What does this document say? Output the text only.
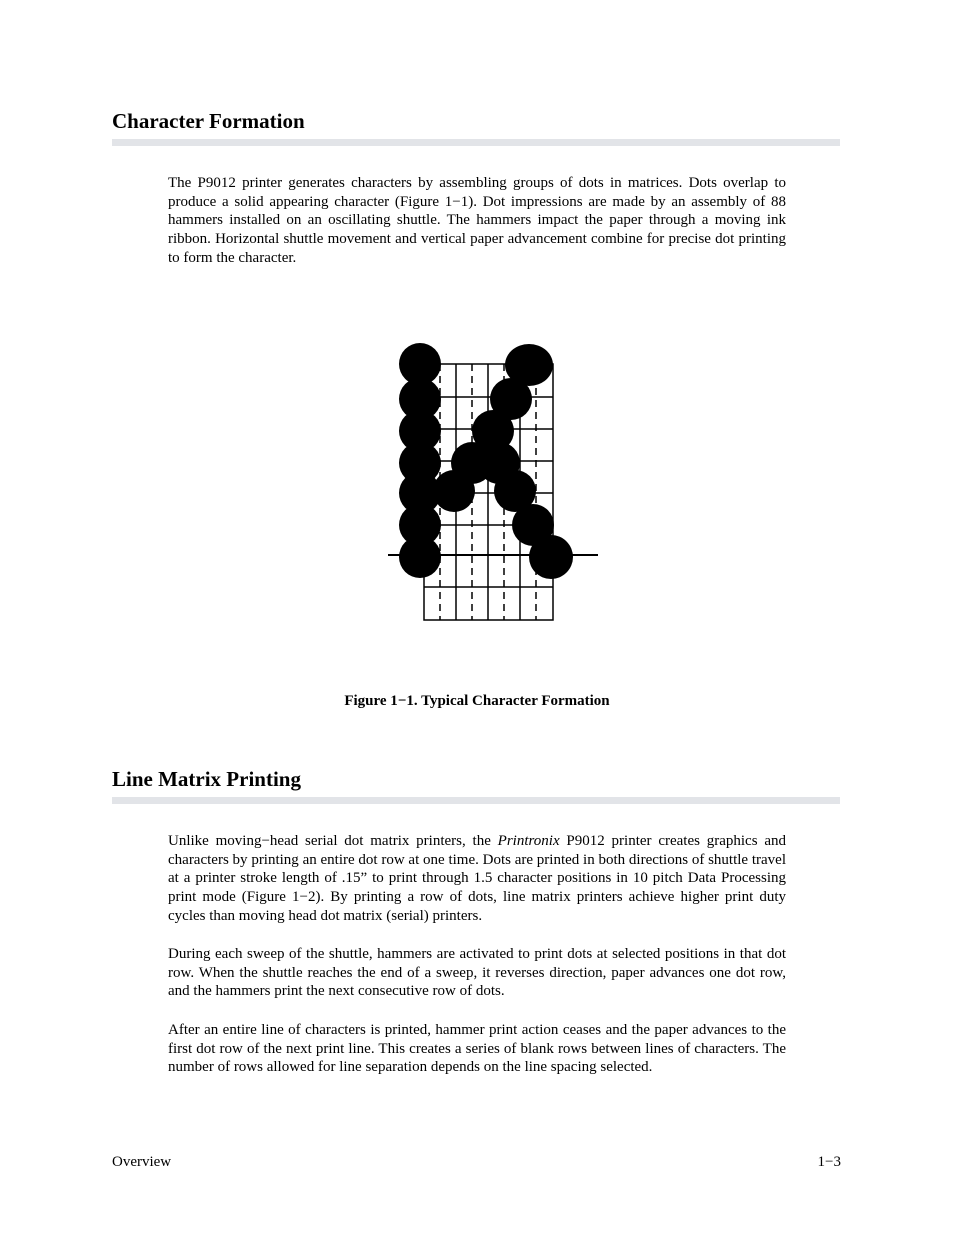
Character Formation

The P9012 printer generates characters by assembling groups of dots in matrices. Dots overlap to produce a solid appearing character (Figure 1−1). Dot impressions are made by an assembly of 88 hammers installed on an oscillating shuttle. The hammers impact the paper through a moving ink ribbon. Horizontal shuttle movement and vertical paper advancement combine for precise dot printing to form the character.

Figure 1−1. Typical Character Formation

Line Matrix Printing

Unlike moving−head serial dot matrix printers, the Printronix P9012 printer creates graphics and characters by printing an entire dot row at one time. Dots are printed in both directions of shuttle travel at a printer stroke length of .15” to print through 1.5 character positions in 10 pitch Data Processing print mode (Figure 1−2). By printing a row of dots, line matrix printers achieve higher print duty cycles than moving head dot matrix (serial) printers.

During each sweep of the shuttle, hammers are activated to print dots at selected positions in that dot row. When the shuttle reaches the end of a sweep, it reverses direction, paper advances one dot row, and the hammers print the next consecutive row of dots.

After an entire line of characters is printed, hammer print action ceases and the paper advances to the first dot row of the next print line. This creates a series of blank rows between lines of characters. The number of rows allowed for line separation depends on the line spacing selected.

Overview	1−3
